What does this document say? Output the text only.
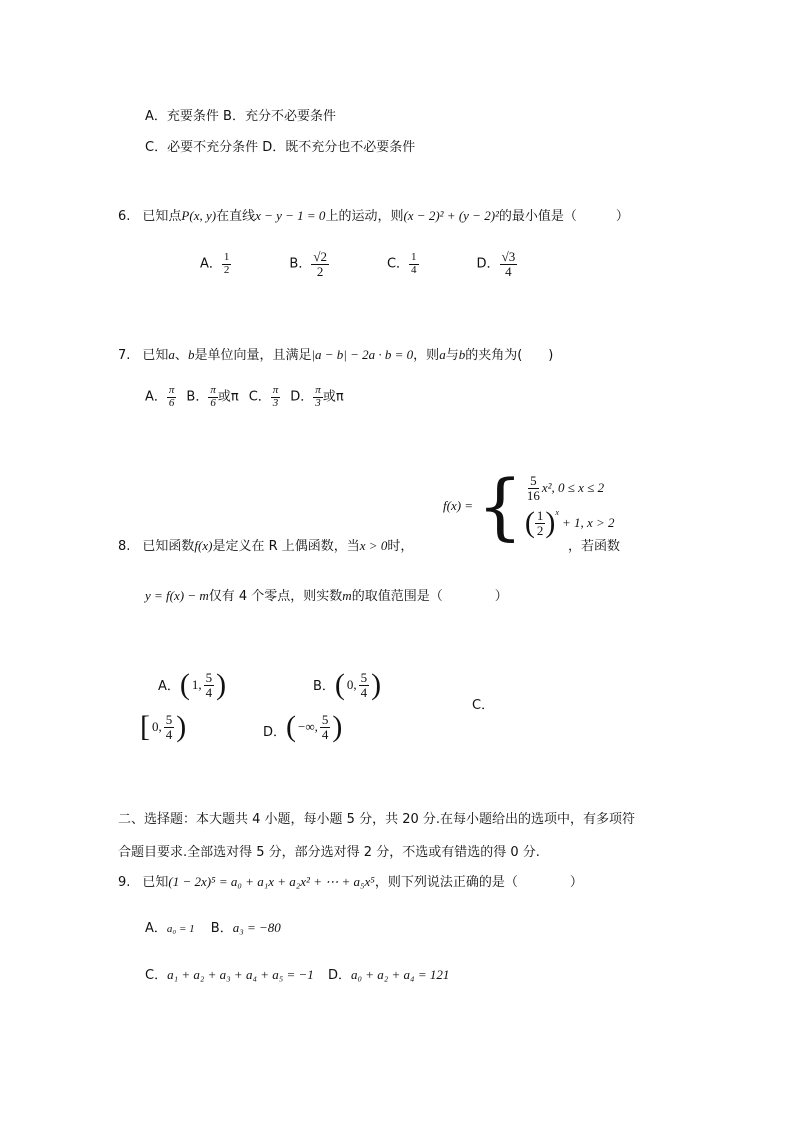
A．充要条件 B．充分不必要条件
C．必要不充分条件 D．既不充分也不必要条件
6. 已知点P(x, y)在直线x − y − 1 = 0上的运动，则(x − 2)² + (y − 2)²的最小值是（　　　）
A． $\frac{1}{2}$	B． $\frac{√2}{2}$	C． $\frac{1}{4}$	D． $\frac{√3}{4}$
7. 已知a、b是单位向量，且满足|a − b| − 2a · b = 0，则a与b的夹角为(　　)
A． $\frac{\pi}{6}$ B． $\frac{\pi}{6}$ 或π C． $\frac{\pi}{3}$ D． $\frac{\pi}{3}$ 或π
8. 已知函数f(x)是定义在 R 上偶函数，当x > 0时，
f(x) = { $\frac{5}{16} x^2$, 0 ≤ x ≤ 2
( $\frac{1}{2} )^x$
+ 1, x > 2
，若函数
y = f(x) − m仅有 4 个零点，则实数m的取值范围是（　　　　）
A． ( 1, $\frac{5}{4}$ )	B． ( 0, $\frac{5}{4}$ )
C．
[ 0, $\frac{5}{4}$ )	D． ( −∞, $\frac{5}{4}$ )
二、选择题：本大题共 4 小题，每小题 5 分，共 20 分.在每小题给出的选项中，有多项符
合题目要求.全部选对得 5 分，部分选对得 2 分，不选或有错选的得 0 分.
9. 已知(1 − 2x)⁵ = a₀ + a₁x + a₂x² + ⋯ + a₅x⁵，则下列说法正确的是（　　　　）
A．a₀ = 1 B．a₃ = −80
C．a₁ + a₂ + a₃ + a₄ + a₅ = −1 D．a₀ + a₂ + a₄ = 121
